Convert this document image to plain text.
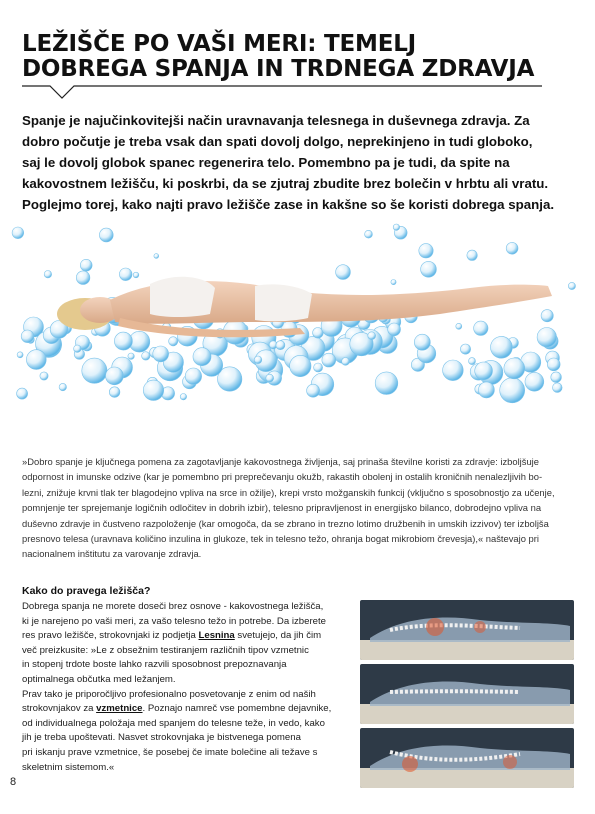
LEŽIŠČE PO VAŠI MERI: TEMELJ
DOBREGA SPANJA IN TRDNEGA ZDRAVJA
Spanje je najučinkovitejši način uravnavanja telesnega in duševnega zdravja. Za
dobro počutje je treba vsak dan spati dovolj dolgo, neprekinjeno in tudi globoko,
saj le dovolj globok spanec regenerira telo. Pomembno pa je tudi, da spite na
kakovostnem ležišču, ki poskrbi, da se zjutraj zbudite brez bolečin v hrbtu ali vratu.
Poglejmo torej, kako najti pravo ležišče zase in kakšne so še koristi dobrega spanja.
»Dobro spanje je ključnega pomena za zagotavljanje kakovostnega življenja, saj prinaša številne koristi za zdravje: izboljšuje
odpornost in imunske odzive (kar je pomembno pri preprečevanju okužb, rakastih obolenj in ostalih kroničnih nenalezljivih bo-
lezni, znižuje krvni tlak ter blagodejno vpliva na srce in ožilje), krepi vrsto možganskih funkcij (vključno s sposobnostjo za učenje,
pomnjenje ter sprejemanje logičnih odločitev in dobrih izbir), telesno pripravljenost in energijsko bilanco, dobrodejno vpliva na
duševno zdravje in čustveno razpoloženje (kar omogoča, da se zbrano in trezno lotimo družbenih in umskih izzivov) ter izboljša
presnovo telesa (uravnava količino inzulina in glukoze, tek in telesno težo, ohranja bogat mikrobiom črevesja),« naštevajo pri
nacionalnem inštitutu za varovanje zdravja.
Kako do pravega ležišča?
Dobrega spanja ne morete doseči brez osnove - kakovostnega ležišča,
ki je narejeno po vaši meri, za vašo telesno težo in potrebe. Da izberete
res pravo ležišče, strokovnjaki iz podjetja Lesnina svetujejo, da jih čim
več preizkusite: »Le z obsežnim testiranjem različnih tipov vzmetnic
in stopenj trdote boste lahko razvili sposobnost prepoznavanja
optimalnega občutka med ležanjem.
Prav tako je priporočljivo profesionalno posvetovanje z enim od naših
strokovnjakov za vzmetnice. Poznajo namreč vse pomembne dejavnike,
od individualnega položaja med spanjem do telesne teže, in vedo, kako
jih je treba upoštevati. Nasvet strokovnjaka je bistvenega pomena
pri iskanju prave vzmetnice, še posebej če imate bolečine ali težave s
skeletnim sistemom.«
8
